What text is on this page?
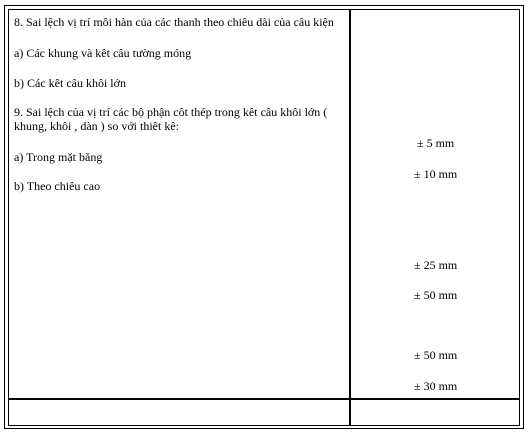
8. Sai lệch vị trí môi hàn của các thanh theo chiêu dài của câu kiện
a) Các khung và kêt câu tường móng
b) Các kêt câu khôi lớn
9. Sai lệch của vị trí các bộ phận côt thép trong kêt câu khôi lớn (
khung, khôi , dàn ) so với thiêt kê:
a) Trong mặt băng
b) Theo chiêu cao
± 5 mm
± 10 mm
± 25 mm
± 50 mm
± 50 mm
± 30 mm
